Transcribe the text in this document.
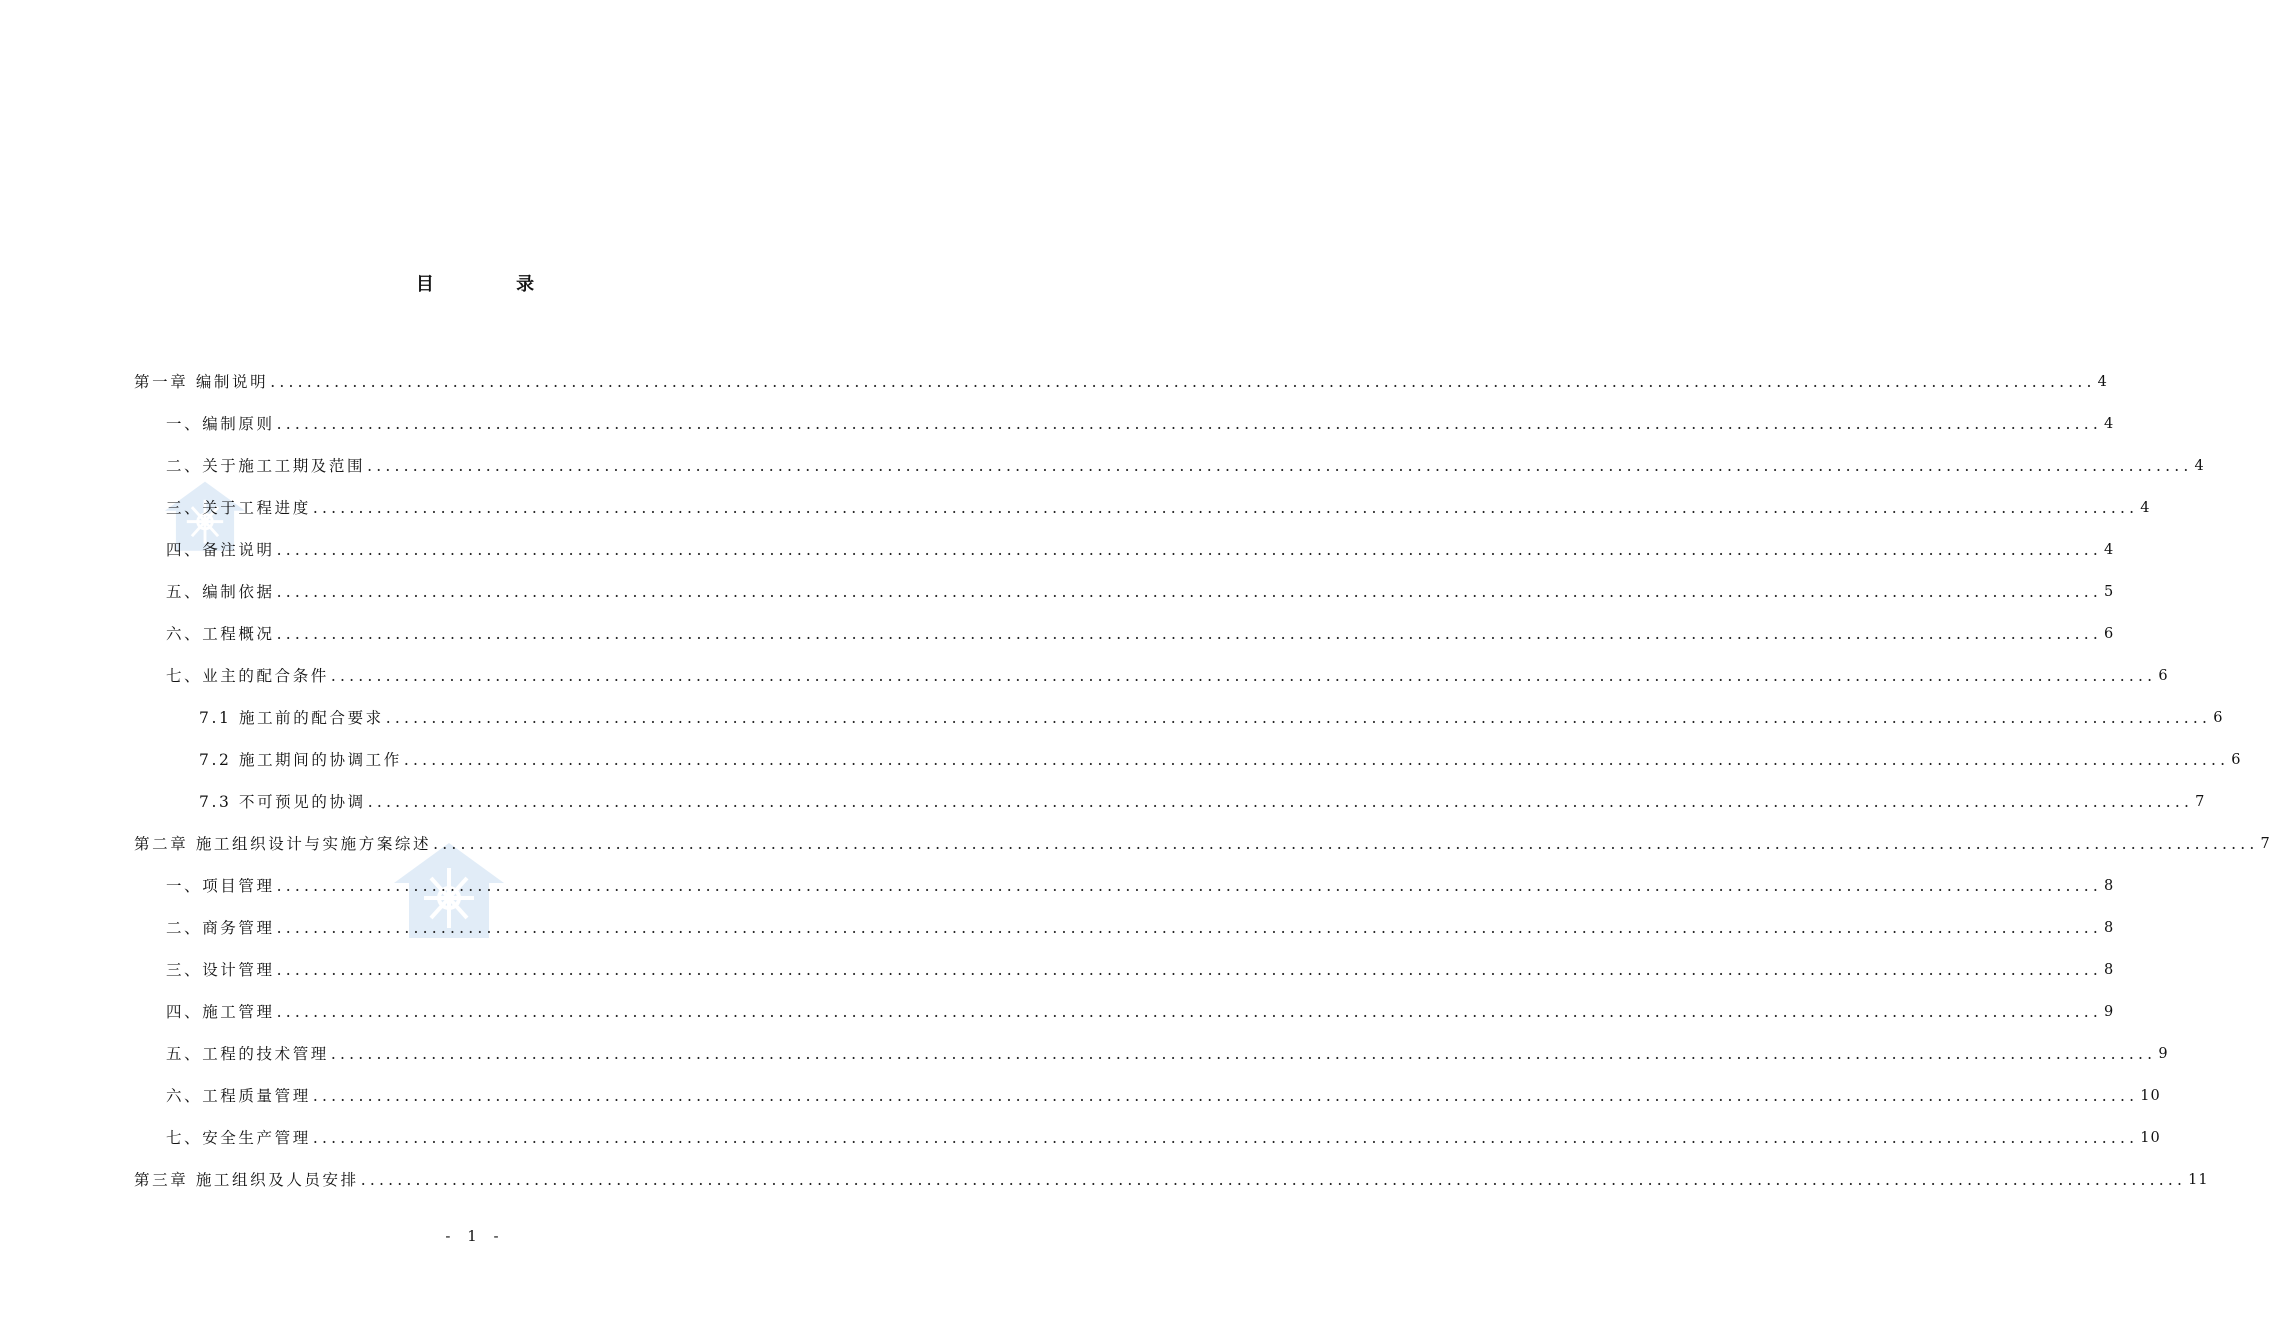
目 录
第一章 编制说明 ........................................................................................................................................................................................................ 4
一、编制原则 ........................................................................................................................................................................................................ 4
二、关于施工工期及范围 ........................................................................................................................................................................................................ 4
三、关于工程进度 ........................................................................................................................................................................................................ 4
四、备注说明 ........................................................................................................................................................................................................ 4
五、编制依据 ........................................................................................................................................................................................................ 5
六、工程概况 ........................................................................................................................................................................................................ 6
七、业主的配合条件 ........................................................................................................................................................................................................ 6
7.1 施工前的配合要求 ........................................................................................................................................................................................................ 6
7.2 施工期间的协调工作 ........................................................................................................................................................................................................ 6
7.3 不可预见的协调 ........................................................................................................................................................................................................ 7
第二章 施工组织设计与实施方案综述 ........................................................................................................................................................................................................ 7
一、项目管理 ........................................................................................................................................................................................................ 8
二、商务管理 ........................................................................................................................................................................................................ 8
三、设计管理 ........................................................................................................................................................................................................ 8
四、施工管理 ........................................................................................................................................................................................................ 9
五、工程的技术管理 ........................................................................................................................................................................................................ 9
六、工程质量管理 ........................................................................................................................................................................................................ 10
七、安全生产管理 ........................................................................................................................................................................................................ 10
第三章 施工组织及人员安排 ........................................................................................................................................................................................................ 11
- 1 -
